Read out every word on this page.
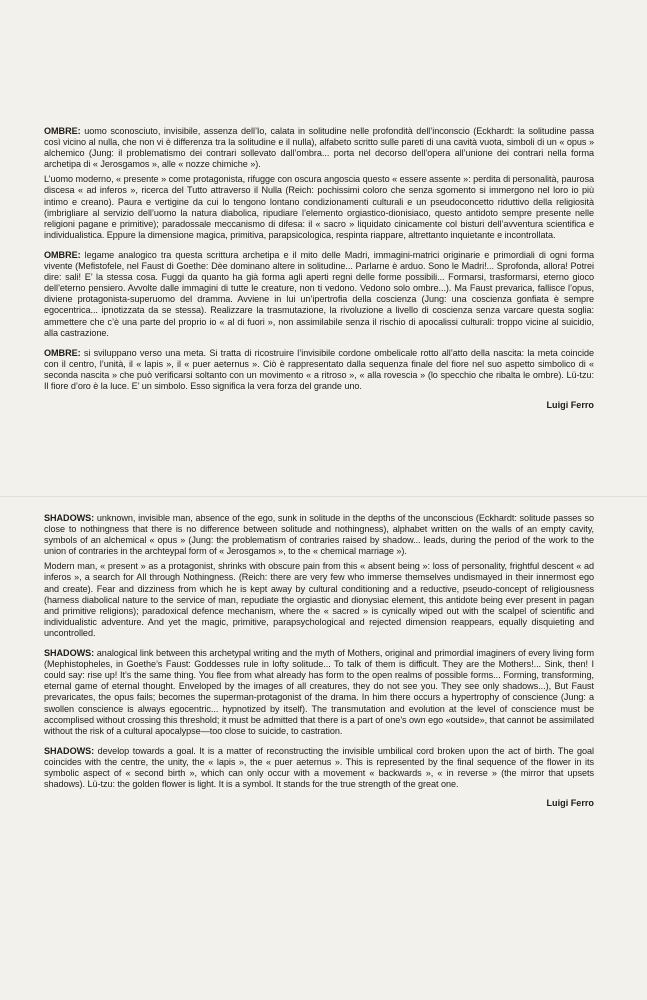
OMBRE: uomo sconosciuto, invisibile, assenza dell’Io, calata in solitudine nelle profondità dell’inconscio (Eckhardt: la solitudine passa così vicino al nulla, che non vi è differenza tra la solitudine e il nulla), alfabeto scritto sulle pareti di una cavità vuota, simboli di un « opus » alchemico (Jung: il problematismo dei contrari sollevato dall’ombra... porta nel decorso dell’opera all’unione dei contrari nella forma archetipa di « Jerosgamos », alle « nozze chimiche »).

L’uomo moderno, « presente » come protagonista, rifugge con oscura angoscia questo « essere assente »: perdita di personalità, paurosa discesa « ad inferos », ricerca del Tutto attraverso il Nulla (Reich: pochissimi coloro che senza sgomento si immergono nel loro io più intimo e creano). Paura e vertigine da cui lo tengono lontano condizionamenti culturali e un pseudoconcetto riduttivo della religiosità (imbrigliare al servizio dell’uomo la natura diabolica, ripudiare l’elemento orgiastico-dionisiaco, questo antidoto sempre presente nelle religioni pagane e primitive); paradossale meccanismo di difesa: il « sacro » liquidato cinicamente col bisturi dell’avventura scientifica e individualistica. Eppure la dimensione magica, primitiva, parapsicologica, respinta riappare, altrettanto inquietante e incontrollata.

OMBRE: legame analogico tra questa scrittura archetipa e il mito delle Madri, immagini-matrici originarie e primordiali di ogni forma vivente (Mefistofele, nel Faust di Goethe: Dèe dominano altere in solitudine... Parlarne è arduo. Sono le Madri!... Sprofonda, allora! Potrei dire: sali! E’ la stessa cosa. Fuggi da quanto ha già forma agli aperti regni delle forme possibili... Formarsi, trasformarsi, eterno gioco dell’eterno pensiero. Avvolte dalle immagini di tutte le creature, non ti vedono. Vedono solo ombre...). Ma Faust prevarica, fallisce l’opus, diviene protagonista-superuomo del dramma. Avviene in lui un’ipertrofia della coscienza (Jung: una coscienza gonfiata è sempre egocentrica... ipnotizzata da se stessa). Realizzare la trasmutazione, la rivoluzione a livello di coscienza senza varcare questa soglia: ammettere che c’è una parte del proprio io « al di fuori », non assimilabile senza il rischio di apocalissi culturali: troppo vicine al suicidio, alla castrazione.

OMBRE: si sviluppano verso una meta. Si tratta di ricostruire l’invisibile cordone ombelicale rotto all’atto della nascita: la meta coincide con il centro, l’unità, il « lapis », il « puer aeternus ». Ciò è rappresentato dalla sequenza finale del fiore nel suo aspetto simbolico di « seconda nascita » che può verificarsi soltanto con un movimento « a ritroso », « alla rovescia » (lo specchio che ribalta le ombre). Lü-tzu: Il fiore d’oro è la luce. E’ un simbolo. Esso significa la vera forza del grande uno.

Luigi Ferro

SHADOWS: unknown, invisible man, absence of the ego, sunk in solitude in the depths of the unconscious (Eckhardt: solitude passes so close to nothingness that there is no difference between solitude and nothingness), alphabet written on the walls of an empty cavity, symbols of an alchemical « opus » (Jung: the problematism of contraries raised by shadow... leads, during the period of the work to the union of contraries in the archteypal form of « Jerosgamos », to the « chemical marriage »).

Modern man, « present » as a protagonist, shrinks with obscure pain from this « absent being »: loss of personality, frightful descent « ad inferos », a search for All through Nothingness. (Reich: there are very few who immerse themselves undismayed in their innermost ego and create). Fear and dizziness from which he is kept away by cultural conditioning and a reductive, pseudo-concept of religiousness (harness diabolical nature to the service of man, repudiate the orgiastic and dionysiac element, this antidote being ever present in pagan and primitive religions); paradoxical defence mechanism, where the « sacred » is cynically wiped out with the scalpel of scientific and individualistic adventure. And yet the magic, primitive, parapsychological and rejected dimension reappears, equally disquieting and uncontrolled.

SHADOWS: analogical link between this archetypal writing and the myth of Mothers, original and primordial imaginers of every living form (Mephistopheles, in Goethe’s Faust: Goddesses rule in lofty solitude... To talk of them is difficult. They are the Mothers!... Sink, then! I could say: rise up! It’s the same thing. You flee from what already has form to the open realms of possible forms... Forming, transforming, eternal game of eternal thought. Enveloped by the images of all creatures, they do not see you. They see only shadows...), But Faust prevaricates, the opus fails; becomes the superman-protagonist of the drama. In him there occurs a hypertrophy of conscience (Jung: a swollen conscience is always egocentric... hypnotized by itself). The transmutation and evolution at the level of conscience must be accomplised without crossing this threshold; it must be admitted that there is a part of one’s own ego «outside», that cannot be assimilated without the risk of a cultural apocalypse—too close to suicide, to castration.

SHADOWS: develop towards a goal. It is a matter of reconstructing the invisible umbilical cord broken upon the act of birth. The goal coincides with the centre, the unity, the « lapis », the « puer aeternus ». This is represented by the final sequence of the flower in its symbolic aspect of « second birth », which can only occur with a movement « backwards », « in reverse » (the mirror that upsets shadows). Lü-tzu: the golden flower is light. It is a symbol. It stands for the true strength of the great one.

Luigi Ferro
